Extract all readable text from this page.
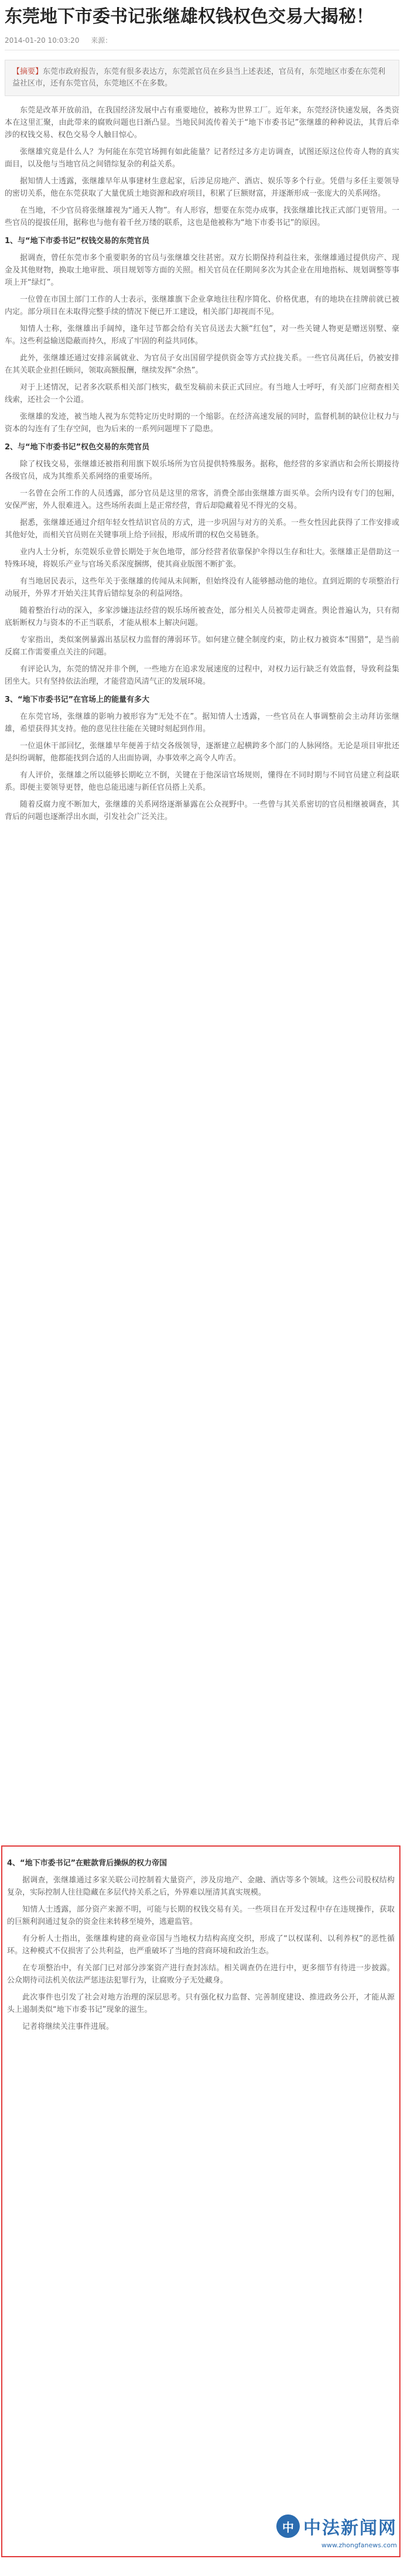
东莞地下市委书记张继雄权钱权色交易大揭秘！
2014-01-20 10:03:20 来源：
【摘要】东莞市政府报告，东莞有很多表达方，东莞派官员在乡县当上述表述，官员有，东莞地区市委在东莞利益社区市，还有东莞官员，东莞地区不在多数。

东莞是改革开放前沿，在我国经济发展中占有重要地位，被称为世界工厂。近年来，东莞经济快速发展，各类资本在这里汇聚，由此带来的腐败问题也日渐凸显。当地民间流传着关于“地下市委书记”张继雄的种种说法，其背后牵涉的权钱交易、权色交易令人触目惊心。

张继雄究竟是什么人？为何能在东莞官场拥有如此能量？记者经过多方走访调查，试图还原这位传奇人物的真实面目，以及他与当地官员之间错综复杂的利益关系。

据知情人士透露，张继雄早年从事建材生意起家，后涉足房地产、酒店、娱乐等多个行业。凭借与多任主要领导的密切关系，他在东莞获取了大量优质土地资源和政府项目，积累了巨额财富，并逐渐形成一张庞大的关系网络。

在当地，不少官员将张继雄视为“通天人物”。有人形容，想要在东莞办成事，找张继雄比找正式部门更管用。一些官员的提拔任用，据称也与他有着千丝万缕的联系，这也是他被称为“地下市委书记”的原因。

1、与“地下市委书记”权钱交易的东莞官员

据调查，曾任东莞市多个重要职务的官员与张继雄交往甚密。双方长期保持利益往来，张继雄通过提供房产、现金及其他财物，换取土地审批、项目规划等方面的关照。相关官员在任期间多次为其企业在用地指标、规划调整等事项上开“绿灯”。

一位曾在市国土部门工作的人士表示，张继雄旗下企业拿地往往程序简化、价格优惠，有的地块在挂牌前就已被内定。部分项目在未取得完整手续的情况下便已开工建设，相关部门却视而不见。

知情人士称，张继雄出手阔绰，逢年过节都会给有关官员送去大额“红包”，对一些关键人物更是赠送别墅、豪车。这些利益输送隐蔽而持久，形成了牢固的利益共同体。

此外，张继雄还通过安排亲属就业、为官员子女出国留学提供资金等方式拉拢关系。一些官员离任后，仍被安排在其关联企业担任顾问，领取高额报酬，继续发挥“余热”。

对于上述情况，记者多次联系相关部门核实，截至发稿前未获正式回应。有当地人士呼吁，有关部门应彻查相关线索，还社会一个公道。

张继雄的发迹，被当地人视为东莞特定历史时期的一个缩影。在经济高速发展的同时，监督机制的缺位让权力与资本的勾连有了生存空间，也为后来的一系列问题埋下了隐患。

2、与“地下市委书记”权色交易的东莞官员

除了权钱交易，张继雄还被指利用旗下娱乐场所为官员提供特殊服务。据称，他经营的多家酒店和会所长期接待各级官员，成为其维系关系网络的重要场所。

一名曾在会所工作的人员透露，部分官员是这里的常客，消费全部由张继雄方面买单。会所内设有专门的包厢，安保严密，外人很难进入。这些场所表面上是正常经营，背后却隐藏着见不得光的交易。

据悉，张继雄还通过介绍年轻女性结识官员的方式，进一步巩固与对方的关系。一些女性因此获得了工作安排或其他好处，而相关官员则在关键事项上给予回报，形成所谓的权色交易链条。

业内人士分析，东莞娱乐业曾长期处于灰色地带，部分经营者依靠保护伞得以生存和壮大。张继雄正是借助这一特殊环境，将娱乐产业与官场关系深度捆绑，使其商业版图不断扩张。

有当地居民表示，这些年关于张继雄的传闻从未间断，但始终没有人能够撼动他的地位。直到近期的专项整治行动展开，外界才开始关注其背后错综复杂的利益网络。

随着整治行动的深入，多家涉嫌违法经营的娱乐场所被查处，部分相关人员被带走调查。舆论普遍认为，只有彻底斩断权力与资本的不正当联系，才能从根本上解决问题。

专家指出，类似案例暴露出基层权力监督的薄弱环节。如何建立健全制度约束，防止权力被资本“围猎”，是当前反腐工作需要重点关注的问题。

有评论认为，东莞的情况并非个例，一些地方在追求发展速度的过程中，对权力运行缺乏有效监督，导致利益集团坐大。只有坚持依法治理，才能营造风清气正的发展环境。

3、“地下市委书记”在官场上的能量有多大

在东莞官场，张继雄的影响力被形容为“无处不在”。据知情人士透露，一些官员在人事调整前会主动拜访张继雄，希望获得其支持。他的意见往往能在关键时刻起到作用。

一位退休干部回忆，张继雄早年便善于结交各级领导，逐渐建立起横跨多个部门的人脉网络。无论是项目审批还是纠纷调解，他都能找到合适的人出面协调，办事效率之高令人咋舌。

有人评价，张继雄之所以能够长期屹立不倒，关键在于他深谙官场规则，懂得在不同时期与不同官员建立利益联系。即便主要领导更替，他也总能迅速与新任官员搭上关系。

随着反腐力度不断加大，张继雄的关系网络逐渐暴露在公众视野中。一些曾与其关系密切的官员相继被调查，其背后的问题也逐渐浮出水面，引发社会广泛关注。

4、“地下市委书记”在赃款背后操纵的权力帝国

据调查，张继雄通过多家关联公司控制着大量资产，涉及房地产、金融、酒店等多个领域。这些公司股权结构复杂，实际控制人往往隐藏在多层代持关系之后，外界难以厘清其真实规模。

知情人士透露，部分资产来源不明，可能与长期的权钱交易有关。一些项目在开发过程中存在违规操作，获取的巨额利润通过复杂的资金往来转移至境外，逃避监管。

有分析人士指出，张继雄构建的商业帝国与当地权力结构高度交织，形成了“以权谋利、以利养权”的恶性循环。这种模式不仅损害了公共利益，也严重破坏了当地的营商环境和政治生态。

在专项整治中，有关部门已对部分涉案资产进行查封冻结。相关调查仍在进行中，更多细节有待进一步披露。公众期待司法机关依法严惩违法犯罪行为，让腐败分子无处藏身。

此次事件也引发了社会对地方治理的深层思考。只有强化权力监督、完善制度建设、推进政务公开，才能从源头上遏制类似“地下市委书记”现象的滋生。

记者将继续关注事件进展。

中 中法新闻网
www.zhongfanews.com
